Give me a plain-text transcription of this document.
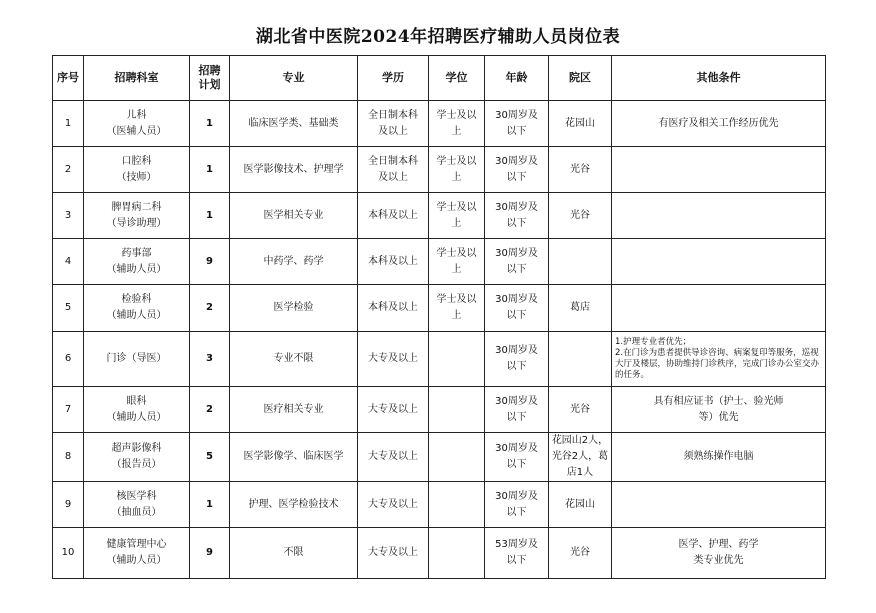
湖北省中医院2024年招聘医疗辅助人员岗位表
序号	招聘科室	招聘
计划	专业	学历	学位	年龄	院区	其他条件
1	儿科
（医辅人员）	1	临床医学类、基础类	全日制本科
及以上	学士及以
上	30周岁及
以下	花园山	有医疗及相关工作经历优先

2	口腔科
（技师）	1	医学影像技术、护理学	全日制本科
及以上	学士及以
上	30周岁及
以下	光谷	

3	脾胃病二科
（导诊助理）	1	医学相关专业	本科及以上	学士及以
上	30周岁及
以下	光谷	

4	药事部
（辅助人员）	9	中药学、药学	本科及以上	学士及以
上	30周岁及
以下		

5	检验科
（辅助人员）	2	医学检验	本科及以上	学士及以
上	30周岁及
以下	葛店	

6	门诊（导医）	3	专业不限	大专及以上		30周岁及
以下		1.护理专业者优先；
2.在门诊为患者提供导诊咨询、病案复印等服务，巡视大厅及楼层，协助维持门诊秩序，完成门诊办公室交办的任务。

7	眼科
（辅助人员）	2	医疗相关专业	大专及以上		30周岁及
以下	光谷	具有相应证书（护士、验光师
等）优先

8	超声影像科
（报告员）	5	医学影像学、临床医学	大专及以上		30周岁及
以下	花园山2人，
光谷2人，葛
店1人	须熟练操作电脑

9	核医学科
（抽血员）	1	护理、医学检验技术	大专及以上		30周岁及
以下	花园山	

10	健康管理中心
（辅助人员）	9	不限	大专及以上		53周岁及
以下	光谷	医学、护理、药学
类专业优先
